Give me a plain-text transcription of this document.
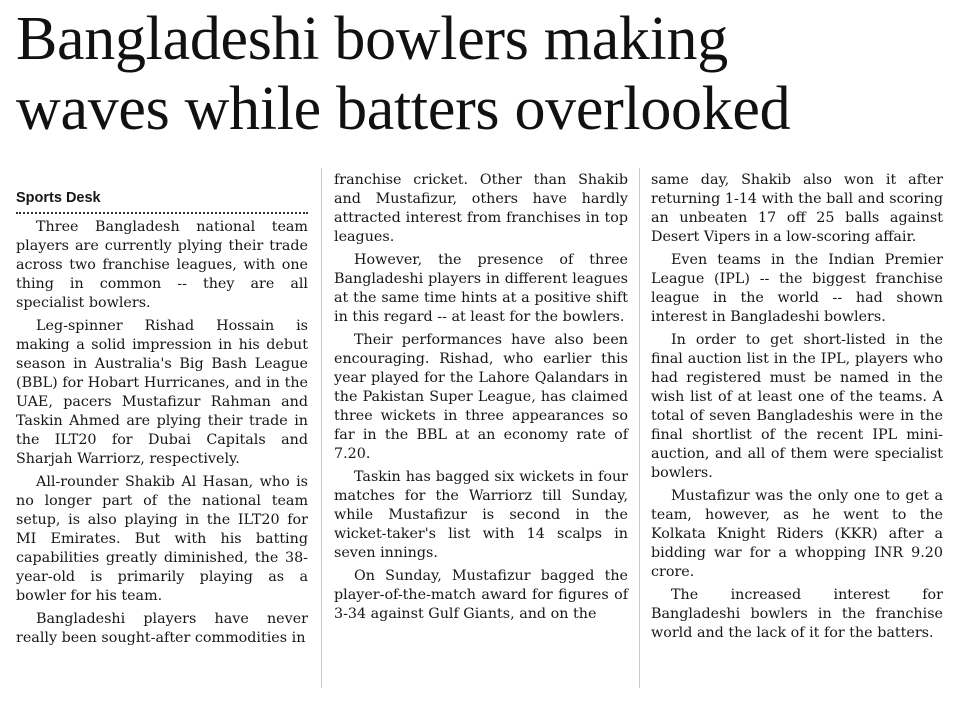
Bangladeshi bowlers making
waves while batters overlooked
Sports Desk

Three Bangladesh national team players are currently plying their trade across two franchise leagues, with one thing in common -- they are all specialist bowlers.

Leg-spinner Rishad Hossain is making a solid impression in his debut season in Australia's Big Bash League (BBL) for Hobart Hurricanes, and in the UAE, pacers Mustafizur Rahman and Taskin Ahmed are plying their trade in the ILT20 for Dubai Capitals and Sharjah Warriorz, respectively.

All-rounder Shakib Al Hasan, who is no longer part of the national team setup, is also playing in the ILT20 for MI Emirates. But with his batting capabilities greatly diminished, the 38-year-old is primarily playing as a bowler for his team.

Bangladeshi players have never really been sought-after commodities in

franchise cricket. Other than Shakib and Mustafizur, others have hardly attracted interest from franchises in top leagues.

However, the presence of three Bangladeshi players in different leagues at the same time hints at a positive shift in this regard -- at least for the bowlers.

Their performances have also been encouraging. Rishad, who earlier this year played for the Lahore Qalandars in the Pakistan Super League, has claimed three wickets in three appearances so far in the BBL at an economy rate of 7.20.

Taskin has bagged six wickets in four matches for the Warriorz till Sunday, while Mustafizur is second in the wicket-taker's list with 14 scalps in seven innings.

On Sunday, Mustafizur bagged the player-of-the-match award for figures of 3-34 against Gulf Giants, and on the

same day, Shakib also won it after returning 1-14 with the ball and scoring an unbeaten 17 off 25 balls against Desert Vipers in a low-scoring affair.

Even teams in the Indian Premier League (IPL) -- the biggest franchise league in the world -- had shown interest in Bangladeshi bowlers.

In order to get short-listed in the final auction list in the IPL, players who had registered must be named in the wish list of at least one of the teams. A total of seven Bangladeshis were in the final shortlist of the recent IPL mini-auction, and all of them were specialist bowlers.

Mustafizur was the only one to get a team, however, as he went to the Kolkata Knight Riders (KKR) after a bidding war for a whopping INR 9.20 crore.

The increased interest for Bangladeshi bowlers in the franchise world and the lack of it for the batters.
